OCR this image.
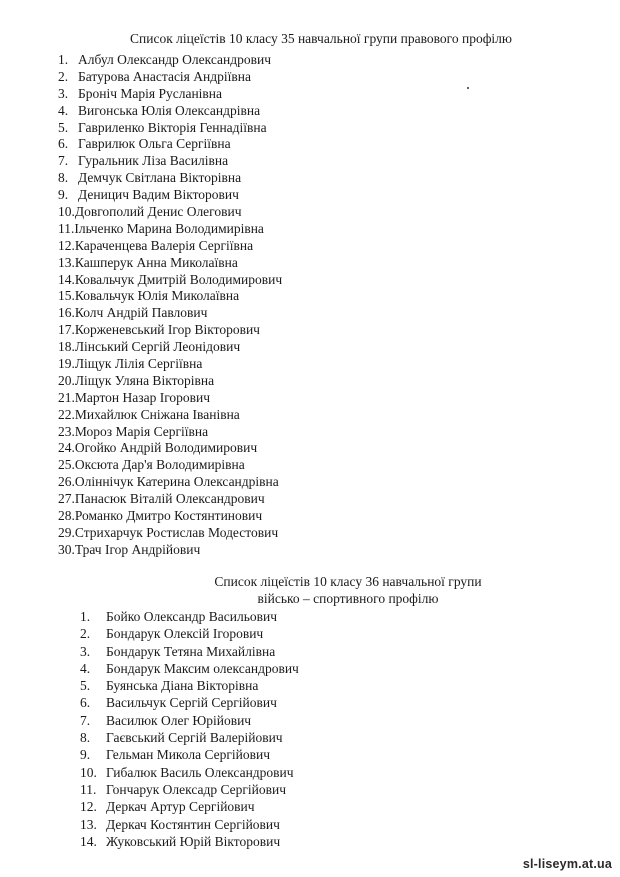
Список ліцеїстів 10 класу 35 навчальної групи правового профілю
1. Албул Олександр Олександрович
2. Батурова Анастасія Андріївна
3. Броніч Марія Русланівна
4. Вигонська Юлія Олександрівна
5. Гавриленко Вікторія Геннадіївна
6. Гаврилюк Ольга Сергіївна
7. Гуральник Ліза Василівна
8. Демчук Світлана Вікторівна
9. Деницич Вадим Вікторович
10.Довгополий Денис Олегович
11.Ільченко Марина Володимирівна
12.Караченцева Валерія Сергіївна
13.Кашперук Анна Миколаївна
14.Ковальчук Дмитрій Володимирович
15.Ковальчук Юлія Миколаївна
16.Колч Андрій Павлович
17.Корженевський Ігор Вікторович
18.Лінський Сергій Леонідович
19.Ліщук Лілія Сергіївна
20.Ліщук Уляна Вікторівна
21.Мартон Назар Ігорович
22.Михайлюк Сніжана Іванівна
23.Мороз Марія Сергіївна
24.Огойко Андрій Володимирович
25.Оксюта Дар'я Володимирівна
26.Оліннічук Катерина Олександрівна
27.Панасюк Віталій Олександрович
28.Романко Дмитро Костянтинович
29.Стрихарчук Ростислав Модестович
30.Трач Ігор Андрійович
Список ліцеїстів 10 класу 36 навчальної групи
військо – спортивного профілю
1. Бойко Олександр Васильович
2. Бондарук Олексій Ігорович
3. Бондарук Тетяна Михайлівна
4. Бондарук Максим олександрович
5. Буянська Діана Вікторівна
6. Васильчук Сергій Сергійович
7. Василюк Олег Юрійович
8. Гаєвський Сергій Валерійович
9. Гельман Микола Сергійович
10. Гибалюк Василь Олександрович
11. Гончарук Олексадр Сергійович
12. Деркач Артур Сергійович
13. Деркач Костянтин Сергійович
14. Жуковський Юрій Вікторович
sl-liseym.at.ua
